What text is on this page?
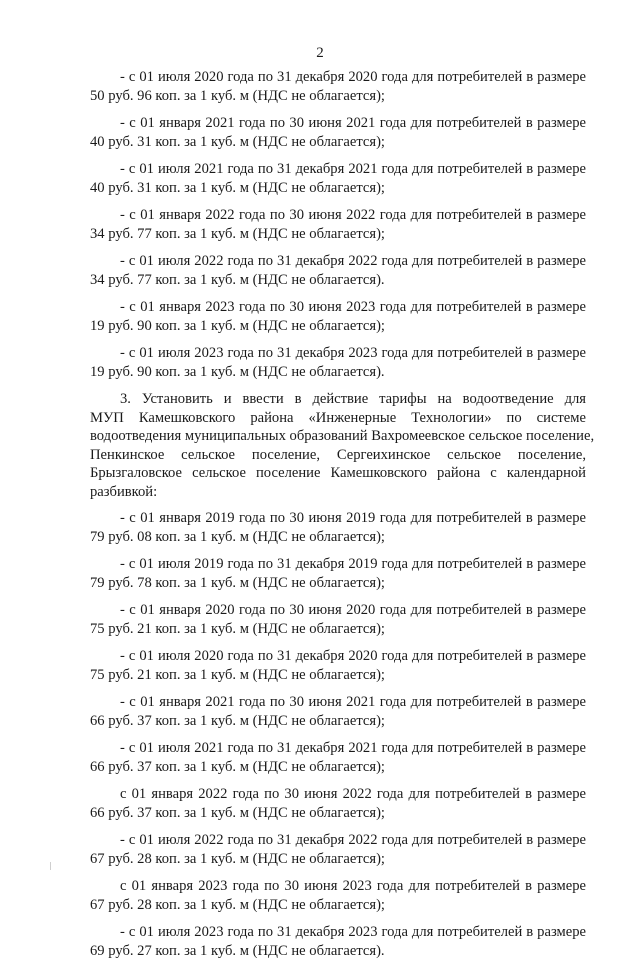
2
- с 01 июля 2020 года по 31 декабря 2020 года для потребителей в размере
50 руб. 96 коп. за 1 куб. м (НДС не облагается);
- с 01 января 2021 года по 30 июня 2021 года для потребителей в размере
40 руб. 31 коп. за 1 куб. м (НДС не облагается);
- с 01 июля 2021 года по 31 декабря 2021 года для потребителей в размере
40 руб. 31 коп. за 1 куб. м (НДС не облагается);
- с 01 января 2022 года по 30 июня 2022 года для потребителей в размере
34 руб. 77 коп. за 1 куб. м (НДС не облагается);
- с 01 июля 2022 года по 31 декабря 2022 года для потребителей в размере
34 руб. 77 коп. за 1 куб. м (НДС не облагается).
- с 01 января 2023 года по 30 июня 2023 года для потребителей в размере
19 руб. 90 коп. за 1 куб. м (НДС не облагается);
- с 01 июля 2023 года по 31 декабря 2023 года для потребителей в размере
19 руб. 90 коп. за 1 куб. м (НДС не облагается).
3. Установить и ввести в действие тарифы на водоотведение для
МУП Камешковского района «Инженерные Технологии» по системе
водоотведения муниципальных образований Вахромеевское сельское поселение,
Пенкинское сельское поселение, Сергеихинское сельское поселение,
Брызгаловское сельское поселение Камешковского района с календарной
разбивкой:
- с 01 января 2019 года по 30 июня 2019 года для потребителей в размере
79 руб. 08 коп. за 1 куб. м (НДС не облагается);
- с 01 июля 2019 года по 31 декабря 2019 года для потребителей в размере
79 руб. 78 коп. за 1 куб. м (НДС не облагается);
- с 01 января 2020 года по 30 июня 2020 года для потребителей в размере
75 руб. 21 коп. за 1 куб. м (НДС не облагается);
- с 01 июля 2020 года по 31 декабря 2020 года для потребителей в размере
75 руб. 21 коп. за 1 куб. м (НДС не облагается);
- с 01 января 2021 года по 30 июня 2021 года для потребителей в размере
66 руб. 37 коп. за 1 куб. м (НДС не облагается);
- с 01 июля 2021 года по 31 декабря 2021 года для потребителей в размере
66 руб. 37 коп. за 1 куб. м (НДС не облагается);
с 01 января 2022 года по 30 июня 2022 года для потребителей в размере
66 руб. 37 коп. за 1 куб. м (НДС не облагается);
- с 01 июля 2022 года по 31 декабря 2022 года для потребителей в размере
67 руб. 28 коп. за 1 куб. м (НДС не облагается);
с 01 января 2023 года по 30 июня 2023 года для потребителей в размере
67 руб. 28 коп. за 1 куб. м (НДС не облагается);
- с 01 июля 2023 года по 31 декабря 2023 года для потребителей в размере
69 руб. 27 коп. за 1 куб. м (НДС не облагается).
